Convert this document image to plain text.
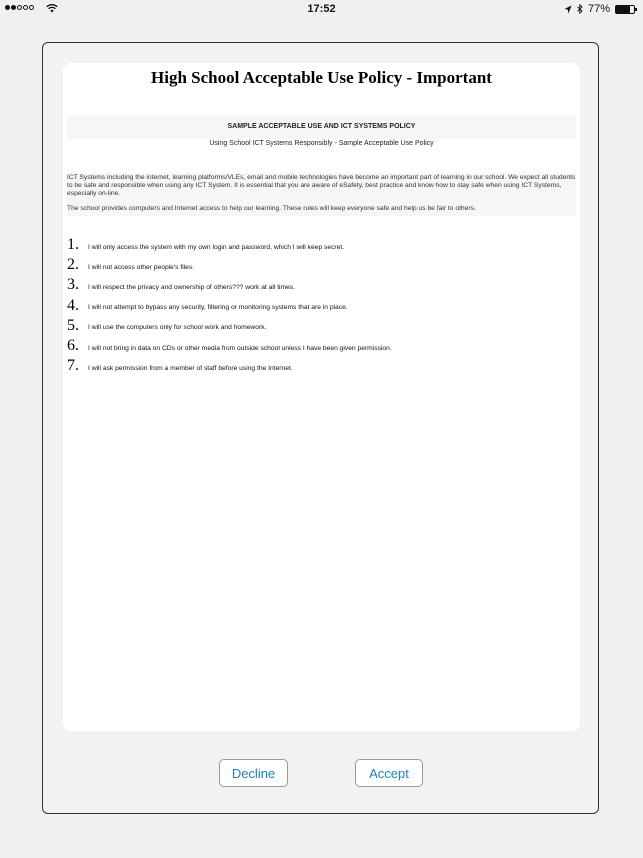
17:52	77%
High School Acceptable Use Policy - Important
SAMPLE ACCEPTABLE USE AND ICT SYSTEMS POLICY
Using School ICT Systems Responsibly - Sample Acceptable Use Policy

ICT Systems including the internet, learning platforms/VLEs, email and mobile technologies have become an important part of learning in our school. We expect all students to be safe and responsible when using any ICT System. It is essential that you are aware of eSafety, best practice and know how to stay safe when using ICT Systems, especially on-line.

The school provides computers and Internet access to help our learning. These rules will keep everyone safe and help us be fair to others.

1.	I will only access the system with my own login and password, which I will keep secret.
2.	I will not access other people's files.
3.	I will respect the privacy and ownership of others??? work at all times.
4.	I will not attempt to bypass any security, filtering or monitoring systems that are in place.
5.	I will use the computers only for school work and homework.
6.	I will not bring in data on CDs or other media from outside school unless I have been given permission.
7.	I will ask permission from a member of staff before using the Internet.
Decline	Accept
